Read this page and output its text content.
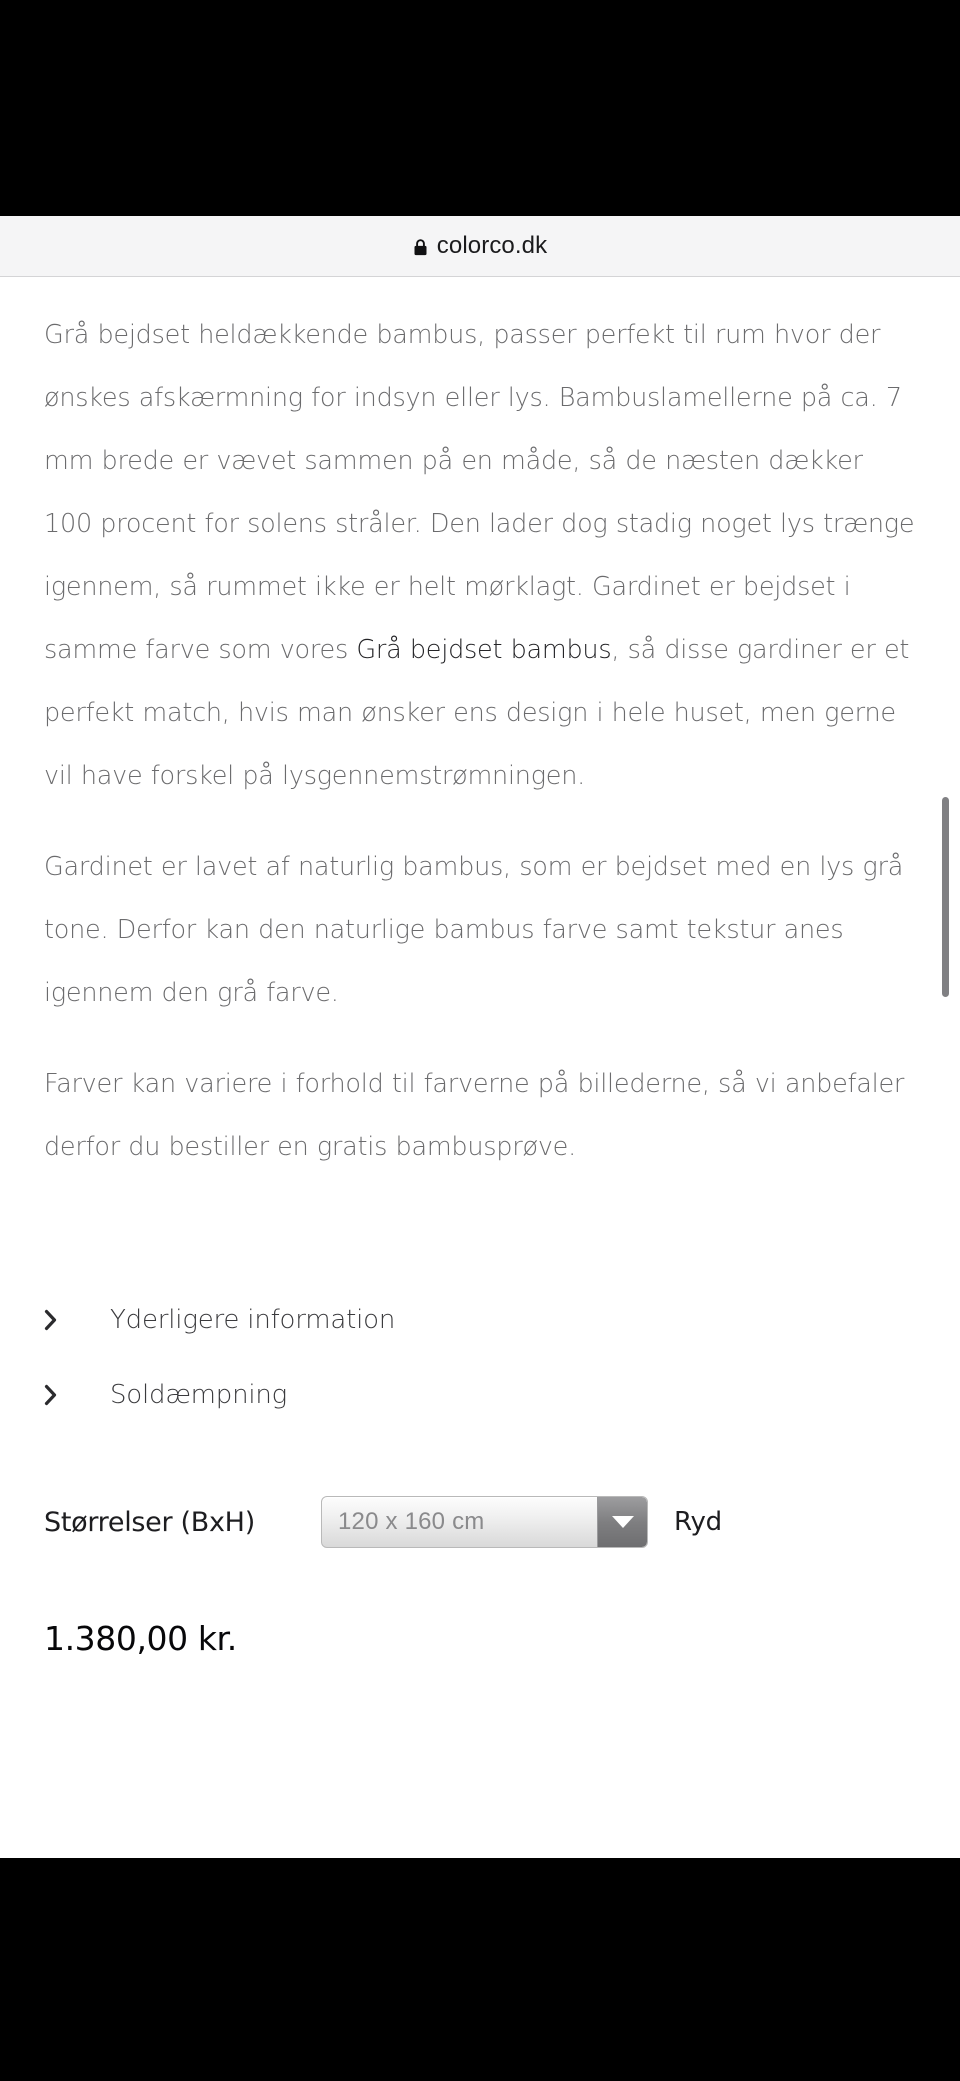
colorco.dk

Grå bejdset heldækkende bambus, passer perfekt til rum hvor der ønskes afskærmning for indsyn eller lys. Bambuslamellerne på ca. 7 mm brede er vævet sammen på en måde, så de næsten dækker 100 procent for solens stråler. Den lader dog stadig noget lys trænge igennem, så rummet ikke er helt mørklagt. Gardinet er bejdset i samme farve som vores Grå bejdset bambus, så disse gardiner er et perfekt match, hvis man ønsker ens design i hele huset, men gerne vil have forskel på lysgennemstrømningen.

Gardinet er lavet af naturlig bambus, som er bejdset med en lys grå tone. Derfor kan den naturlige bambus farve samt tekstur anes igennem den grå farve.

Farver kan variere i forhold til farverne på billederne, så vi anbefaler derfor du bestiller en gratis bambusprøve.

Yderligere information
Soldæmpning
Størrelser (BxH)	120 x 160 cm	Ryd
1.380,00 kr.
